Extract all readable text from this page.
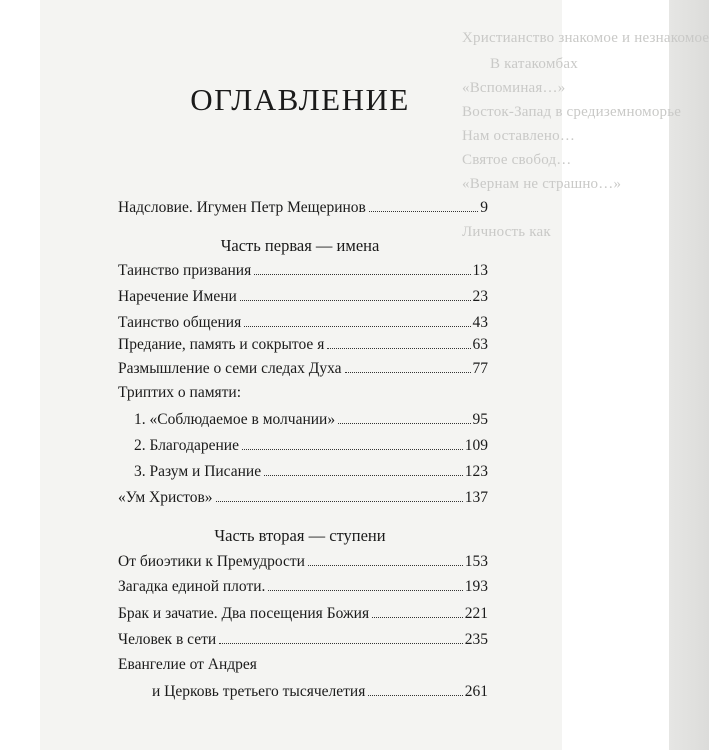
Христианство знакомое и незнакомое
В катакомбах
«Вспоминая…»
Восток-Запад в средиземноморье
Нам оставлено…
Святое свобод…
«Вернам не страшно…»
Личность как
ОГЛАВЛЕНИЕ
Надсловие. Игумен Петр Мещеринов	9
Часть первая — имена
Таинство призвания	13
Наречение Имени	23
Таинство общения	43
Предание, память и сокрытое я	63
Размышление о семи следах Духа	77
Триптих о памяти:
1. «Соблюдаемое в молчании»	95
2. Благодарение	109
3. Разум и Писание	123
«Ум Христов»	137
Часть вторая — ступени
От биоэтики к Премудрости	153
Загадка единой плоти.	193
Брак и зачатие. Два посещения Божия	221
Человек в сети	235
Евангелие от Андрея
и Церковь третьего тысячелетия	261
